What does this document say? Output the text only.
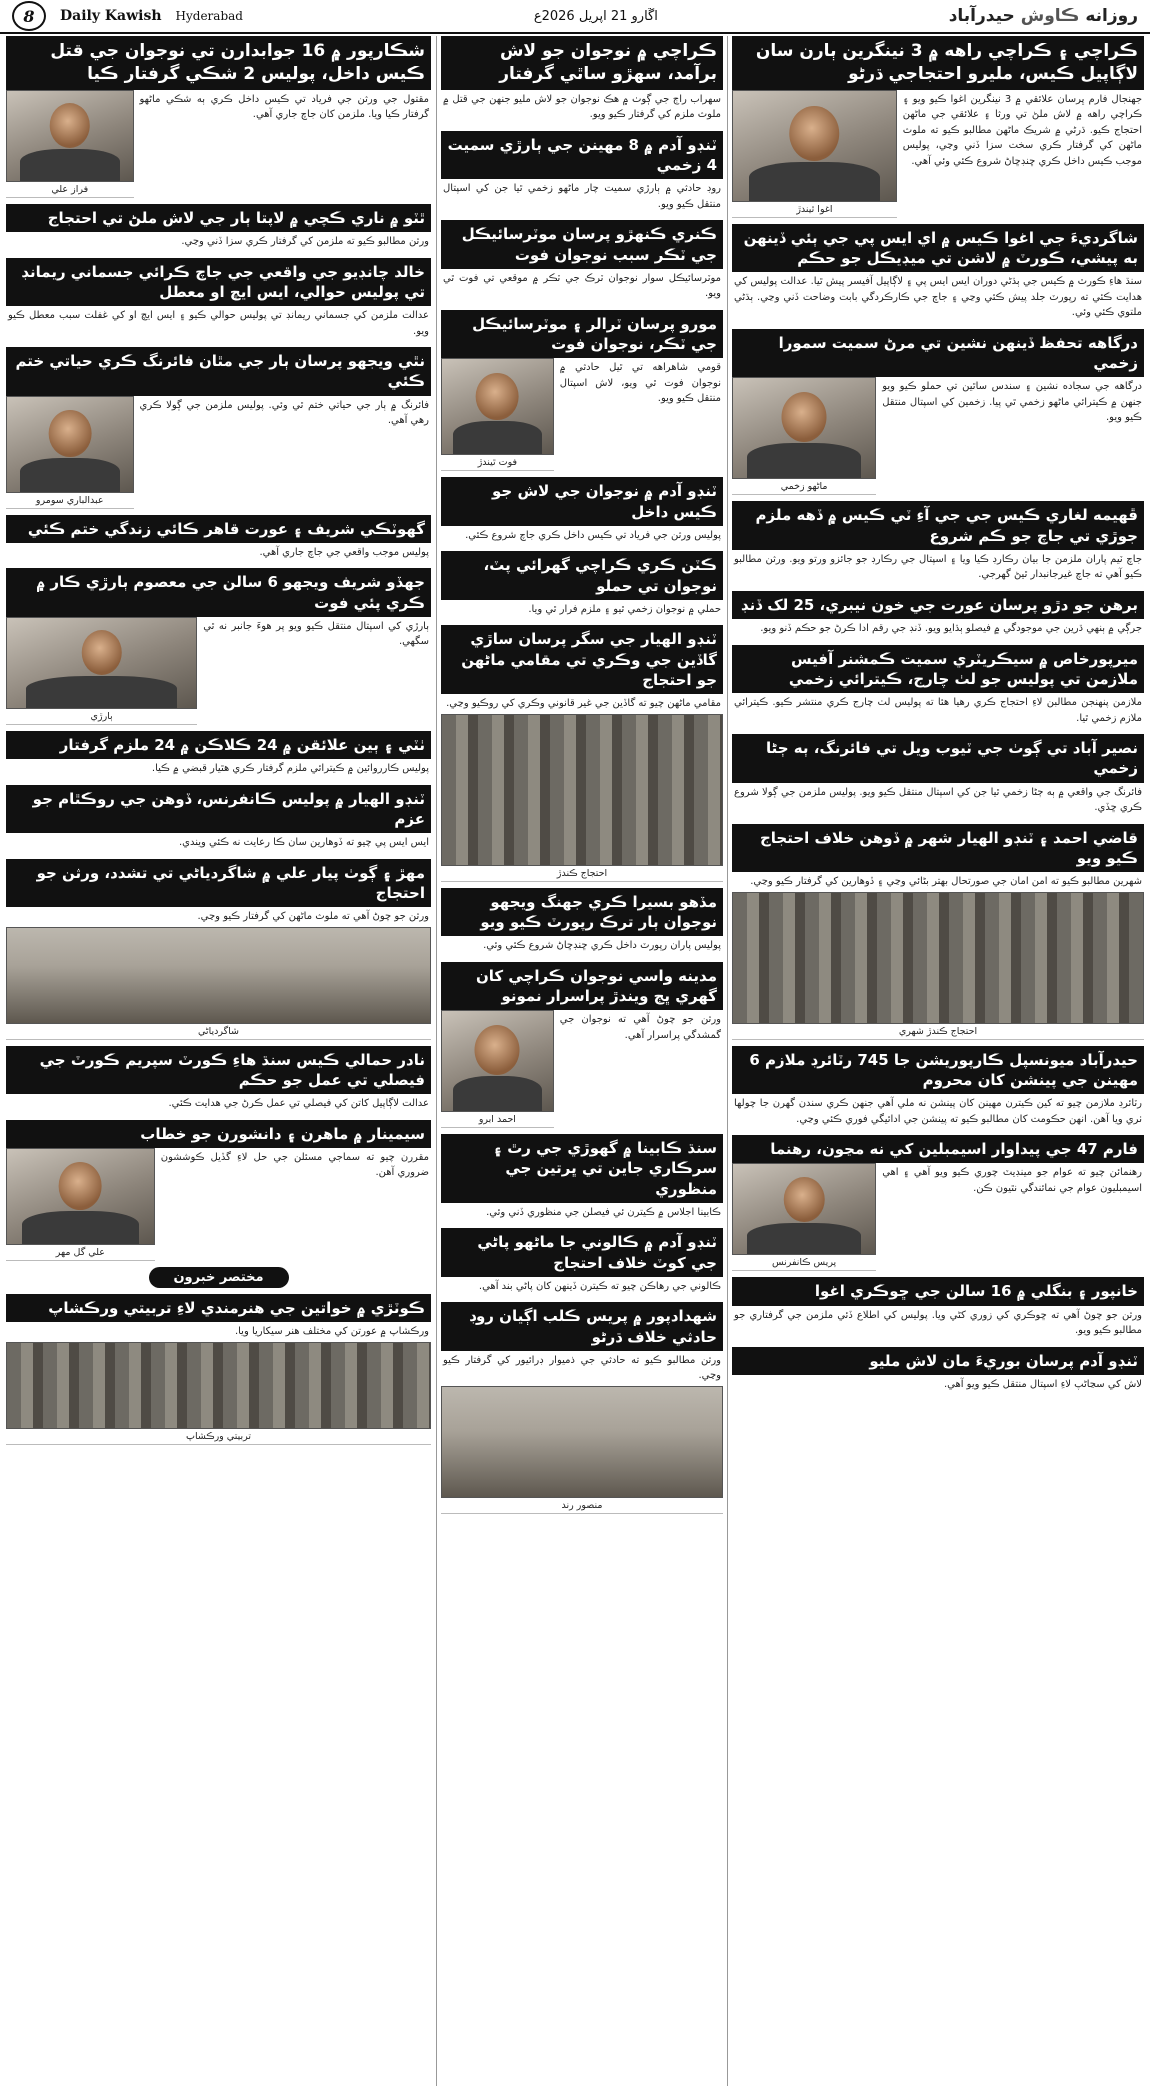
8	Daily Kawish Hyderabad	اڱارو 21 اپريل 2026ع	روزانه ڪاوش حيدرآباد
ڪراچي ۽ ڪراچي راهه ۾ 3 نينگرين ٻارن سان لاڳاپيل ڪيس، مليرو احتجاجي ڌرڻو
جهنجال فارم ڀرسان علائقي ۾ 3 نينگرين اغوا ڪيو ويو ۽ ڪراچي راهه ۾ لاش ملڻ تي ورثا ۽ علائقي جي ماڻهن احتجاج ڪيو. ڌرڻي ۾ شريڪ ماڻهن مطالبو ڪيو ته ملوث ماڻهن کي گرفتار ڪري سخت سزا ڏني وڃي، پوليس موجب ڪيس داخل ڪري ڇنڊڇاڻ شروع ڪئي وئي آهي.
اغوا ٿيندڙ
شاگرديءَ جي اغوا ڪيس ۾ اي ايس پي جي ٻئي ڏينهن به پيشي، ڪورٽ ۾ لاشن تي ميڊيڪل جو حڪم
سنڌ هاءِ ڪورٽ ۾ ڪيس جي ٻڌڻي دوران ايس ايس پي ۽ لاڳاپيل آفيسر پيش ٿيا. عدالت پوليس کي هدايت ڪئي ته رپورٽ جلد پيش ڪئي وڃي ۽ جاچ جي ڪارڪردگي بابت وضاحت ڏني وڃي. ٻڌڻي ملتوي ڪئي وئي.
درگاهه تحفظ ڏينهن نشين تي مرڻ سميت سمورا زخمي
درگاهه جي سجاده نشين ۽ سندس ساٿين تي حملو ڪيو ويو جنهن ۾ ڪيترائي ماڻهو زخمي ٿي پيا. زخمين کي اسپتال منتقل ڪيو ويو.
ماڻهو زخمي
ڦهيمه لغاري ڪيس جي جي آءِ ٽي ڪيس ۾ ڏهه ملزم جوڙي تي جاچ جو ڪم شروع
جاچ ٽيم پاران ملزمن جا بيان رڪارڊ ڪيا ويا ۽ اسپتال جي رڪارڊ جو جائزو ورتو ويو. ورثن مطالبو ڪيو آهي ته جاچ غيرجانبدار ٿيڻ گهرجي.
برهن جو دڙو پرسان عورت جي خون نيبري، 25 لک ڏنڊ
جرڳي ۾ ٻنهي ڌرين جي موجودگي ۾ فيصلو ٻڌايو ويو. ڏنڊ جي رقم ادا ڪرڻ جو حڪم ڏنو ويو.
ميرپورخاص ۾ سيڪريٽري سميت ڪمشنر آفيس ملازمن تي پوليس جو لٺ چارج، ڪيترائي زخمي
ملازمن پنهنجن مطالبن لاءِ احتجاج ڪري رهيا هئا ته پوليس لٺ چارج ڪري منتشر ڪيو. ڪيترائي ملازم زخمي ٿيا.
نصير آباد تي ڳوٺ جي ٽيوب ويل تي فائرنگ، ٻه ڄڻا زخمي
فائرنگ جي واقعي ۾ ٻه ڄڻا زخمي ٿيا جن کي اسپتال منتقل ڪيو ويو. پوليس ملزمن جي ڳولا شروع ڪري ڇڏي.
قاضي احمد ۽ ٽنڊو الهيار شهر ۾ ڏوهن خلاف احتجاج ڪيو ويو
شهرين مطالبو ڪيو ته امن امان جي صورتحال بهتر بڻائي وڃي ۽ ڏوهارين کي گرفتار ڪيو وڃي.
احتجاج ڪندڙ شهري
حيدرآباد ميونسپل ڪارپوريشن جا 745 رٽائرڊ ملازم 6 مهينن جي پينشن کان محروم
رٽائرڊ ملازمن چيو ته کين ڪيترن مهينن کان پينشن نه ملي آهي جنهن ڪري سندن گهرن جا چولها ٺري ويا آهن. انهن حڪومت کان مطالبو ڪيو ته پينشن جي ادائيگي فوري ڪئي وڃي.
فارم 47 جي پيداوار اسيمبلين کي نه مڃون، رهنما
رهنمائن چيو ته عوام جو مينڊيٽ چوري ڪيو ويو آهي ۽ اهي اسيمبليون عوام جي نمائندگي نٿيون ڪن.
پريس ڪانفرنس
خانپور ۽ بنگلي ۾ 16 سالن جي ڇوڪري اغوا
ورثن جو چوڻ آهي ته ڇوڪري کي زوري کڻي ويا. پوليس کي اطلاع ڏئي ملزمن جي گرفتاري جو مطالبو ڪيو ويو.
ٽنڊو آدم پرسان بوريءَ مان لاش مليو
لاش کي سڃاڻپ لاءِ اسپتال منتقل ڪيو ويو آهي.
ڪراچي ۾ نوجوان جو لاش برآمد، سهڙو ساٿي گرفتار
سهراب راڄ جي ڳوٺ ۾ هڪ نوجوان جو لاش مليو جنهن جي قتل ۾ ملوث ملزم کي گرفتار ڪيو ويو.
ٽنڊو آدم ۾ 8 مهينن جي ٻارڙي سميت 4 زخمي
روڊ حادثي ۾ ٻارڙي سميت چار ماڻهو زخمي ٿيا جن کي اسپتال منتقل ڪيو ويو.
ڪنري ڪنهڙو پرسان موٽرسائيڪل جي ٽڪر سبب نوجوان فوت
موٽرسائيڪل سوار نوجوان ٽرڪ جي ٽڪر ۾ موقعي تي فوت ٿي ويو.
مورو پرسان ٽرالر ۽ موٽرسائيڪل جي ٽڪر، نوجوان فوت
قومي شاهراهه تي ٿيل حادثي ۾ نوجوان فوت ٿي ويو، لاش اسپتال منتقل ڪيو ويو.
فوت ٿيندڙ
ٽنڊو آدم ۾ نوجوان جي لاش جو ڪيس داخل
پوليس ورثن جي فرياد تي ڪيس داخل ڪري جاچ شروع ڪئي.
ڪٽن ڪري ڪراچي گهرائي پٽ، نوجوان تي حملو
حملي ۾ نوجوان زخمي ٿيو ۽ ملزم فرار ٿي ويا.
ٽنڊو الهيار جي سگر پرسان ساڙي گاڏين جي وڪري تي مقامي ماڻهن جو احتجاج
مقامي ماڻهن چيو ته گاڏين جي غير قانوني وڪري کي روڪيو وڃي.
احتجاج ڪندڙ
مڏهو بسيرا ڪري جهنگ ويجهو نوجوان ٻار ترڪ رپورٽ ڪيو ويو
پوليس پاران رپورٽ داخل ڪري ڇنڊڇاڻ شروع ڪئي وئي.
مدينه واسي نوجوان ڪراچي کان گهري ڀڄ ويندڙ پراسرار نمونو
ورثن جو چوڻ آهي ته نوجوان جي گمشدگي پراسرار آهي.
احمد ابرو
سنڌ ڪابينا ۾ گهوڙي جي رٿ ۽ سرڪاري جاين تي ڀرتين جي منظوري
ڪابينا اجلاس ۾ ڪيترن ئي فيصلن جي منظوري ڏني وئي.
ٽنڊو آدم ۾ ڪالوني جا ماڻهو پاڻي جي کوٽ خلاف احتجاج
ڪالوني جي رهاڪن چيو ته ڪيترن ڏينهن کان پاڻي بند آهي.
شهدادپور ۾ پريس ڪلب اڳيان روڊ حادثي خلاف ڌرڻو
ورثن مطالبو ڪيو ته حادثي جي ذميوار ڊرائيور کي گرفتار ڪيو وڃي.
منصور رند
شڪارپور ۾ 16 جوابدارن تي نوجوان جي قتل ڪيس داخل، پوليس 2 شڪي گرفتار ڪيا
مقتول جي ورثن جي فرياد تي ڪيس داخل ڪري ٻه شڪي ماڻهو گرفتار ڪيا ويا. ملزمن کان جاچ جاري آهي.
فراز علي
ٿٽو ۾ ناري ڪچي ۾ لاپتا ٻار جي لاش ملڻ تي احتجاج
ورثن مطالبو ڪيو ته ملزمن کي گرفتار ڪري سزا ڏني وڃي.
خالد چانڊيو جي واقعي جي جاچ ڪرائي جسماني ريمانڊ تي پوليس حوالي، ايس ايچ او معطل
عدالت ملزمن کي جسماني ريمانڊ تي پوليس حوالي ڪيو ۽ ايس ايچ او کي غفلت سبب معطل ڪيو ويو.
نٿي ويجهو پرسان ٻار جي مٿان فائرنگ ڪري حياتي ختم ڪئي
فائرنگ ۾ ٻار جي حياتي ختم ٿي وئي. پوليس ملزمن جي ڳولا ڪري رهي آهي.
عبدالباري سومرو
گهوٽڪي شريف ۽ عورت قاهر ڪائي زندگي ختم ڪئي
پوليس موجب واقعي جي جاچ جاري آهي.
جهڏو شريف ويجهو 6 سالن جي معصوم ٻارڙي ڪار ۾ ڪري پئي فوت
ٻارڙي کي اسپتال منتقل ڪيو ويو پر هوءَ جانبر نه ٿي سگهي.
ٻارڙي
ٺٽي ۽ ٻين علائقن ۾ 24 ڪلاڪن ۾ 24 ملزم گرفتار
پوليس ڪارروائين ۾ ڪيترائي ملزم گرفتار ڪري هٿيار قبضي ۾ ڪيا.
ٽنڊو الهيار ۾ پوليس ڪانفرنس، ڏوهن جي روڪٿام جو عزم
ايس ايس پي چيو ته ڏوهارين سان ڪا رعايت نه ڪئي ويندي.
مهڙ ۽ ڳوٺ پيار علي ۾ شاگردياڻي تي تشدد، ورثن جو احتجاج
ورثن جو چوڻ آهي ته ملوث ماڻهن کي گرفتار ڪيو وڃي.
شاگردياڻي
نادر حمالي ڪيس سنڌ هاءِ ڪورٽ سپريم ڪورٽ جي فيصلي تي عمل جو حڪم
عدالت لاڳاپيل کاتن کي فيصلي تي عمل ڪرڻ جي هدايت ڪئي.
سيمينار ۾ ماهرن ۽ دانشورن جو خطاب
مقررن چيو ته سماجي مسئلن جي حل لاءِ گڏيل ڪوششون ضروري آهن.
علي گل مهر
مختصر خبرون
ڪوٽڙي ۾ خواتين جي هنرمندي لاءِ تربيتي ورڪشاپ
ورڪشاپ ۾ عورتن کي مختلف هنر سيکاريا ويا.
تربيتي ورڪشاپ
